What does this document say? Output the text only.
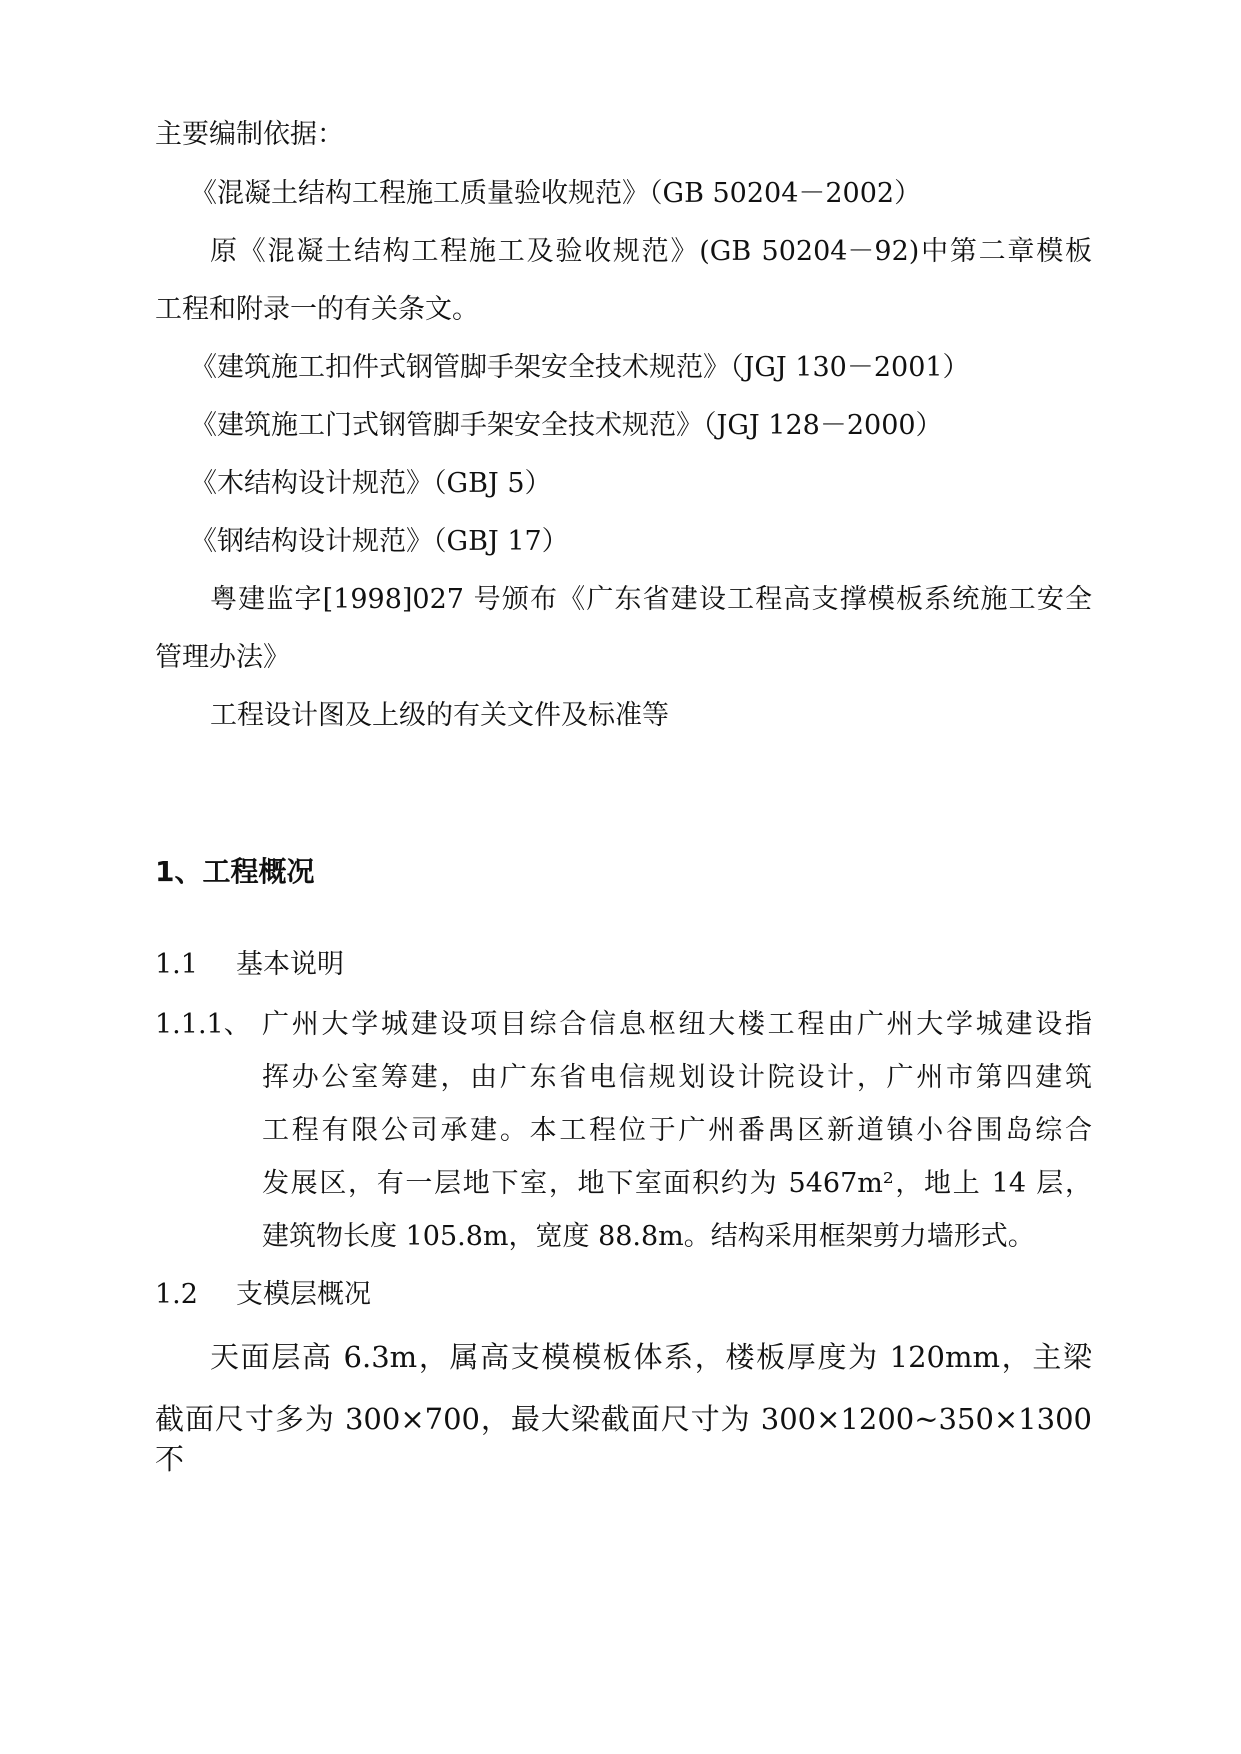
主要编制依据：
《混凝土结构工程施工质量验收规范》（GB 50204－2002）
原《混凝土结构工程施工及验收规范》(GB 50204－92)中第二章模板
工程和附录一的有关条文。
《建筑施工扣件式钢管脚手架安全技术规范》（JGJ 130－2001）
《建筑施工门式钢管脚手架安全技术规范》（JGJ 128－2000）
《木结构设计规范》（GBJ 5）
《钢结构设计规范》（GBJ 17）
粤建监字[1998]027 号颁布《广东省建设工程高支撑模板系统施工安全
管理办法》
工程设计图及上级的有关文件及标准等
1、工程概况
1.1 基本说明
1.1.1、 广州大学城建设项目综合信息枢纽大楼工程由广州大学城建设指
挥办公室筹建，由广东省电信规划设计院设计，广州市第四建筑
工程有限公司承建。本工程位于广州番禺区新道镇小谷围岛综合
发展区，有一层地下室，地下室面积约为 5467m²，地上 14 层，
建筑物长度 105.8m，宽度 88.8m。结构采用框架剪力墙形式。
1.2 支模层概况
天面层高 6.3m，属高支模模板体系，楼板厚度为 120mm，主梁
截面尺寸多为 300×700，最大梁截面尺寸为 300×1200~350×1300 不
